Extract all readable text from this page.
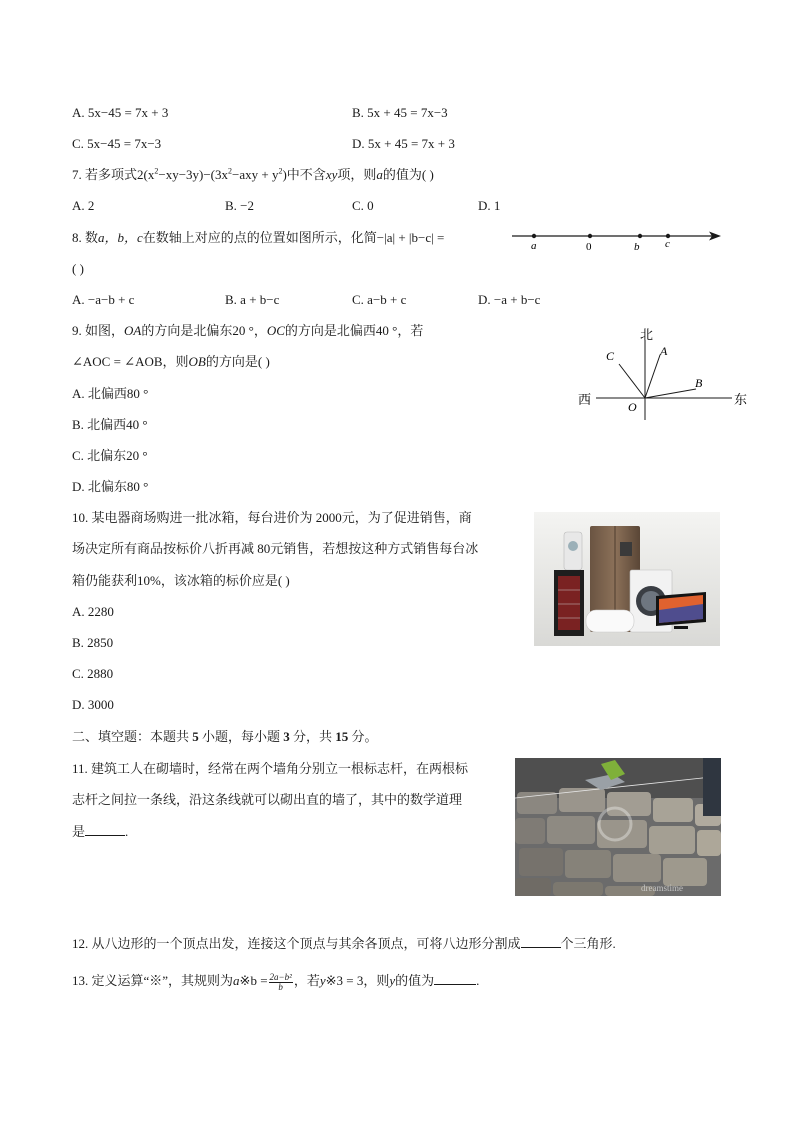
A. 5x−45 = 7x + 3	B. 5x + 45 = 7x−3
C. 5x−45 = 7x−3	D. 5x + 45 = 7x + 3
7. 若多项式$2(x^2-xy-3y)-(3x^2-axy + y^2)$中不含xy项，则a的值为( )
A. 2	B. −2	C. 0	D. 1
8. 数a，b，c在数轴上对应的点的位置如图所示，化简−|a| + |b−c| =
( )
a	0	b c
A. −a−b + c	B. a + b−c	C. a−b + c	D. −a + b−c
9. 如图，OA的方向是北偏东20 °，OC的方向是北偏西40 °，若
∠AOC = ∠AOB，则OB的方向是( )
A. 北偏西80 °
B. 北偏西40 °
C. 北偏东20 °
D. 北偏东80 °
北
西	东
O
A
B
C
10. 某电器商场购进一批冰箱，每台进价为 2000元，为了促进销售，商
场决定所有商品按标价八折再减 80元销售，若想按这种方式销售每台冰
箱仍能获利10%，该冰箱的标价应是( )
A. 2280
B. 2850
C. 2880
D. 3000
二、填空题：本题共 5 小题，每小题 3 分，共 15 分。
11. 建筑工人在砌墙时，经常在两个墙角分别立一根标志杆，在两根标
志杆之间拉一条线，沿这条线就可以砌出直的墙了，其中的数学道理
是	.
dreamstime
12. 从八边形的一个顶点出发，连接这个顶点与其余各顶点，可将八边形分割成	个三角形.
13. 定义运算“※”，其规则为a※b = $\frac{\text{2a−b²}}{b}$ ，若y※3 = 3，则y的值为	.
